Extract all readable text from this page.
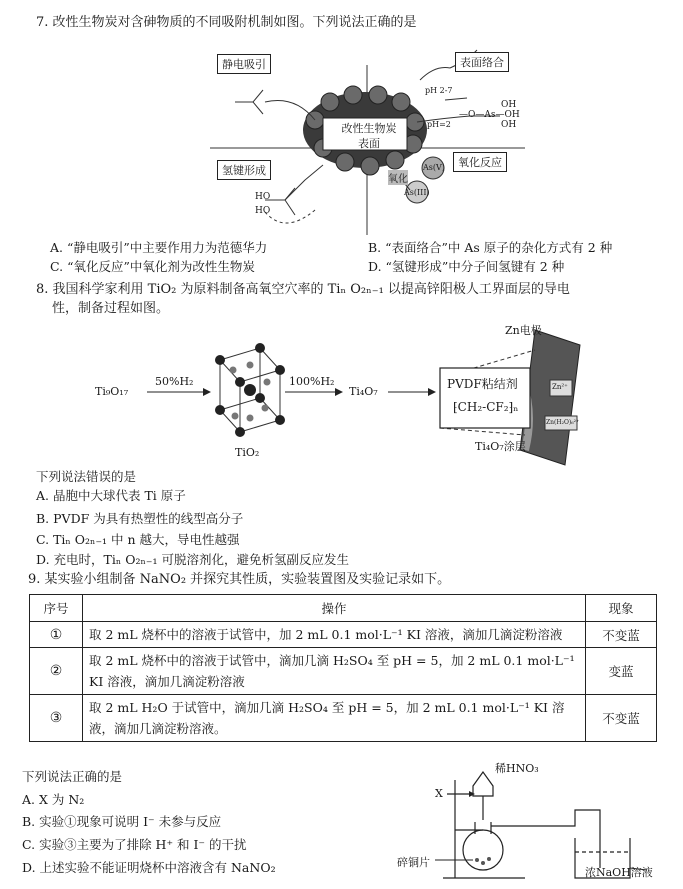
7. 改性生物炭对含砷物质的不同吸附机制如图。下列说法正确的是
静电吸引	表面络合
氢键形成
氧化反应
改性生物炭
表面
pH 2-7
pH=2
—O—As—OH
OH
OH
As(V)
As(III)
氧化
HO
HO
A. “静电吸引”中主要作用力为范德华力	B. “表面络合”中 As 原子的杂化方式有 2 种
C. “氧化反应”中氧化剂为改性生物炭	D. “氢键形成”中分子间氢键有 2 种
8. 我国科学家利用 TiO₂ 为原料制备高氧空穴率的 Tiₙ O₂ₙ₋₁ 以提高锌阳极人工界面层的导电
性，制备过程如图。
Ti₉O₁₇
50%H₂
TiO₂
100%H₂
Ti₄O₇
Zn电极
PVDF粘结剂
⁅CH₂-CF₂⁆ₙ
Ti₄O₇涂层
Zn²⁺
Zn(H₂O)₆²⁺
下列说法错误的是
A. 晶胞中大球代表 Ti 原子
B. PVDF 为具有热塑性的线型高分子
C. Tiₙ O₂ₙ₋₁ 中 n 越大，导电性越强
D. 充电时，Tiₙ O₂ₙ₋₁ 可脱溶剂化，避免析氢副反应发生
9. 某实验小组制备 NaNO₂ 并探究其性质，实验装置图及实验记录如下。
序号	操作	现象
①	取 2 mL 烧杯中的溶液于试管中，加 2 mL 0.1 mol·L⁻¹ KI 溶液，滴加几滴淀粉溶液	不变蓝
②	取 2 mL 烧杯中的溶液于试管中，滴加几滴 H₂SO₄ 至 pH = 5，加 2 mL 0.1 mol·L⁻¹ KI 溶液，滴加几滴淀粉溶液	变蓝
③	取 2 mL H₂O 于试管中，滴加几滴 H₂SO₄ 至 pH = 5，加 2 mL 0.1 mol·L⁻¹ KI 溶液，滴加几滴淀粉溶液。	不变蓝
下列说法正确的是
A. X 为 N₂
B. 实验①现象可说明 I⁻ 未参与反应
C. 实验③主要为了排除 H⁺ 和 I⁻ 的干扰
D. 上述实验不能证明烧杯中溶液含有 NaNO₂
稀HNO₃
X
碎铜片
浓NaOH溶液
